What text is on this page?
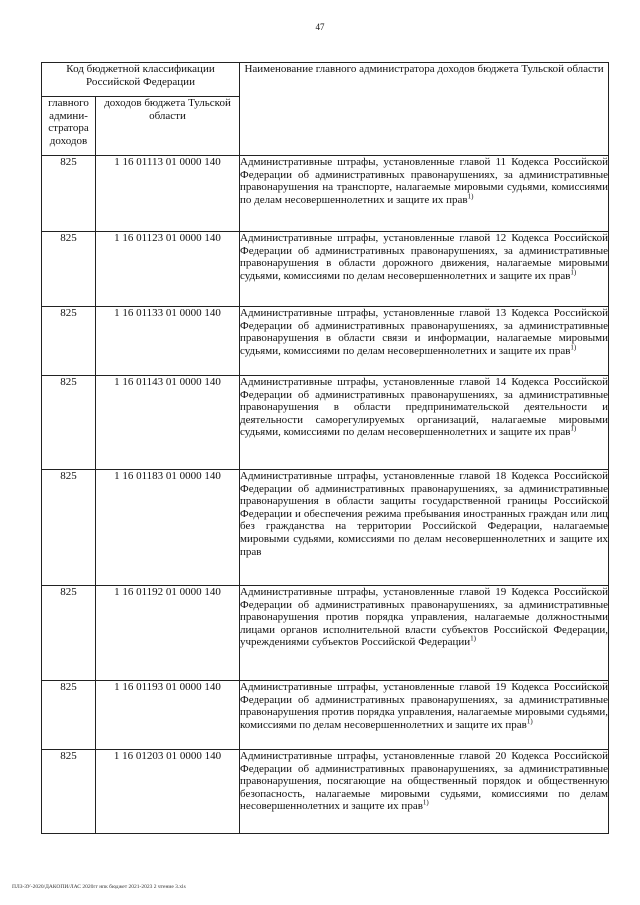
47
Код бюджетной классификации Российской Федерации		Наименование главного администратора доходов бюджета Тульской области
главного админи-стратора доходов	доходов бюджета Тульской области	
825	1 16 01113 01 0000 140	Административные штрафы, установленные главой 11 Кодекса Российской Федерации об административных правонарушениях, за административные правонарушения на транспорте, налагаемые мировыми судьями, комиссиями по делам несовершеннолетних и защите их прав$^{1)}$
825	1 16 01123 01 0000 140	Административные штрафы, установленные главой 12 Кодекса Российской Федерации об административных правонарушениях, за административные правонарушения в области дорожного движения, налагаемые мировыми судьями, комиссиями по делам несовершеннолетних и защите их прав$^{1)}$
825	1 16 01133 01 0000 140	Административные штрафы, установленные главой 13 Кодекса Российской Федерации об административных правонарушениях, за административные правонарушения в области связи и информации, налагаемые мировыми судьями, комиссиями по делам несовершеннолетних и защите их прав$^{1)}$
825	1 16 01143 01 0000 140	Административные штрафы, установленные главой 14 Кодекса Российской Федерации об административных правонарушениях, за административные правонарушения в области предпринимательской деятельности и деятельности саморегулируемых организаций, налагаемые мировыми судьями, комиссиями по делам несовершеннолетних и защите их прав$^{1)}$
825	1 16 01183 01 0000 140	Административные штрафы, установленные главой 18 Кодекса Российской Федерации об административных правонарушениях, за административные правонарушения в области защиты государственной границы Российской Федерации и обеспечения режима пребывания иностранных граждан или лиц без гражданства на территории Российской Федерации, налагаемые мировыми судьями, комиссиями по делам несовершеннолетних и защите их прав
825	1 16 01192 01 0000 140	Административные штрафы, установленные главой 19 Кодекса Российской Федерации об административных правонарушениях, за административные правонарушения против порядка управления, налагаемые должностными лицами органов исполнительной власти субъектов Российской Федерации, учреждениями субъектов Российской Федерации$^{1)}$
825	1 16 01193 01 0000 140	Административные штрафы, установленные главой 19 Кодекса Российской Федерации об административных правонарушениях, за административные правонарушения против порядка управления, налагаемые мировыми судьями, комиссиями по делам несовершеннолетних и защите их прав$^{1)}$
825	1 16 01203 01 0000 140	Административные штрафы, установленные главой 20 Кодекса Российской Федерации об административных правонарушениях, за административные правонарушения, посягающие на общественный порядок и общественную безопасность, налагаемые мировыми судьями, комиссиями по делам несовершеннолетних и защите их прав$^{1)}$
ПЛЗ-ЗУ-2020/ДАКОПИ/ЛАС 2020гг нпк бюджет 2021-2023 2 чтение 3.xls
